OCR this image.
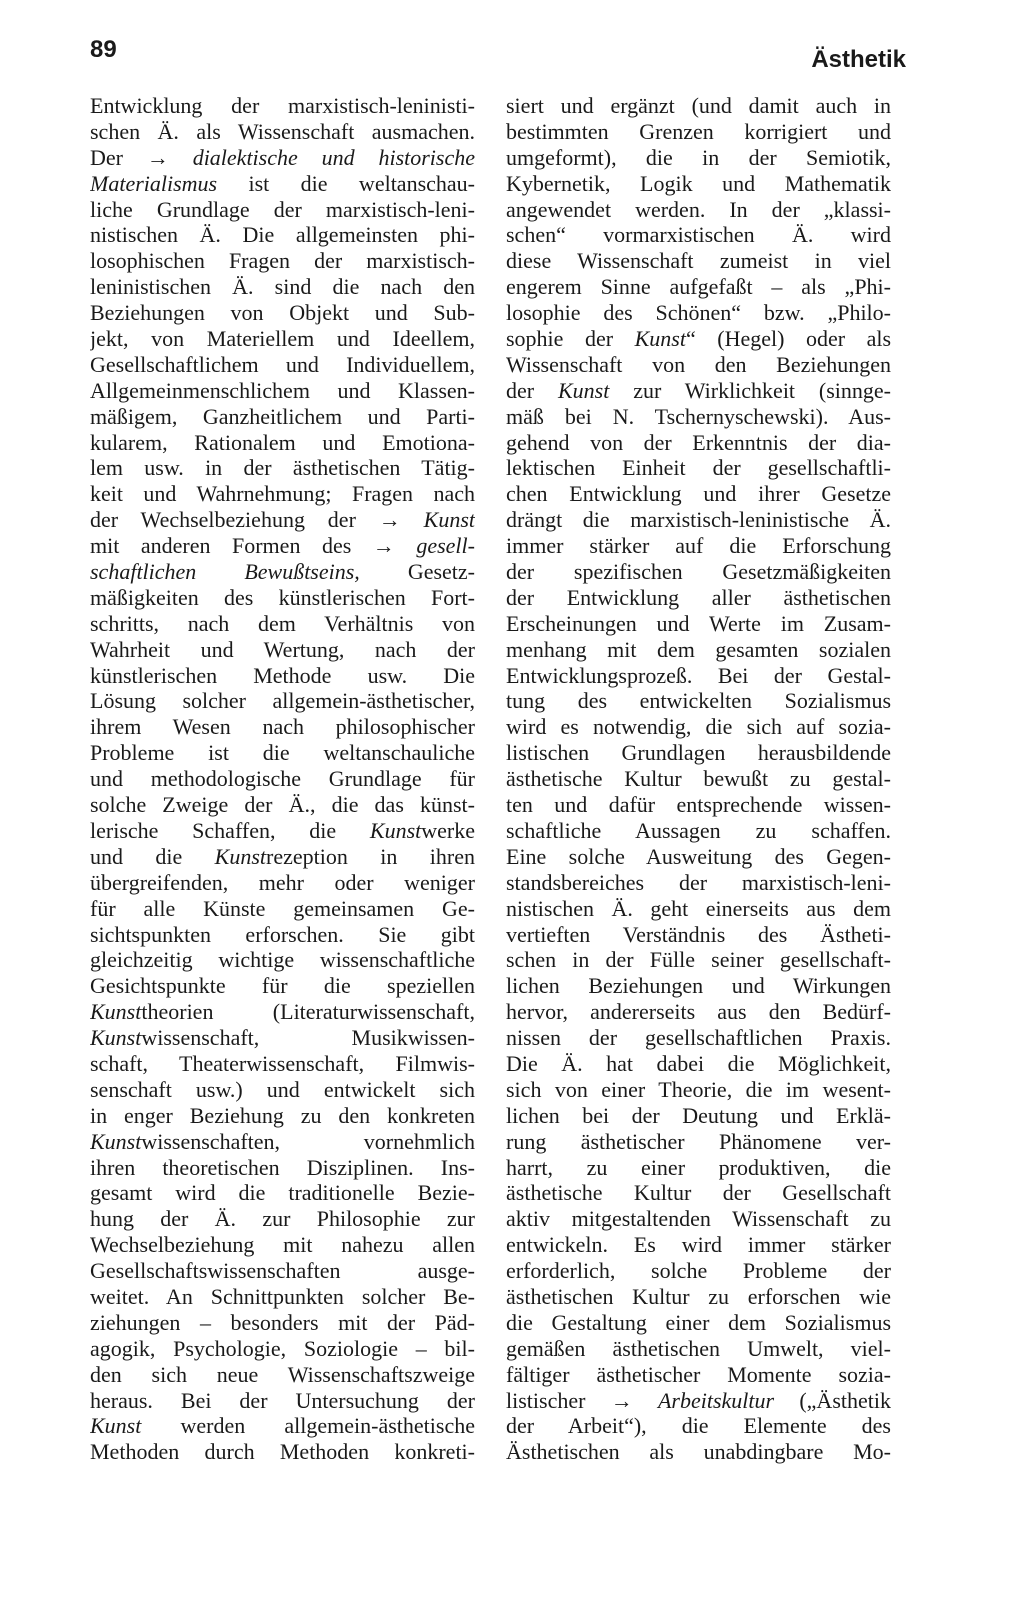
89	Ästhetik
Entwicklung der marxistisch-leninisti-
schen Ä. als Wissenschaft ausmachen.
Der → dialektische und historische
Materialismus ist die weltanschau-
liche Grundlage der marxistisch-leni-
nistischen Ä. Die allgemeinsten phi-
losophischen Fragen der marxistisch-
leninistischen Ä. sind die nach den
Beziehungen von Objekt und Sub-
jekt, von Materiellem und Ideellem,
Gesellschaftlichem und Individuellem,
Allgemeinmenschlichem und Klassen-
mäßigem, Ganzheitlichem und Parti-
kularem, Rationalem und Emotiona-
lem usw. in der ästhetischen Tätig-
keit und Wahrnehmung; Fragen nach
der Wechselbeziehung der → Kunst
mit anderen Formen des → gesell-
schaftlichen Bewußtseins, Gesetz-
mäßigkeiten des künstlerischen Fort-
schritts, nach dem Verhältnis von
Wahrheit und Wertung, nach der
künstlerischen Methode usw. Die
Lösung solcher allgemein-ästhetischer,
ihrem Wesen nach philosophischer
Probleme ist die weltanschauliche
und methodologische Grundlage für
solche Zweige der Ä., die das künst-
lerische Schaffen, die Kunstwerke
und die Kunstrezeption in ihren
übergreifenden, mehr oder weniger
für alle Künste gemeinsamen Ge-
sichtspunkten erforschen. Sie gibt
gleichzeitig wichtige wissenschaftliche
Gesichtspunkte für die speziellen
Kunsttheorien (Literaturwissenschaft,
Kunstwissenschaft, Musikwissen-
schaft, Theaterwissenschaft, Filmwis-
senschaft usw.) und entwickelt sich
in enger Beziehung zu den konkreten
Kunstwissenschaften, vornehmlich
ihren theoretischen Disziplinen. Ins-
gesamt wird die traditionelle Bezie-
hung der Ä. zur Philosophie zur
Wechselbeziehung mit nahezu allen
Gesellschaftswissenschaften ausge-
weitet. An Schnittpunkten solcher Be-
ziehungen – besonders mit der Päd-
agogik, Psychologie, Soziologie – bil-
den sich neue Wissenschaftszweige
heraus. Bei der Untersuchung der
Kunst werden allgemein-ästhetische
Methoden durch Methoden konkreti-
siert und ergänzt (und damit auch in
bestimmten Grenzen korrigiert und
umgeformt), die in der Semiotik,
Kybernetik, Logik und Mathematik
angewendet werden. In der „klassi-
schen“ vormarxistischen Ä. wird
diese Wissenschaft zumeist in viel
engerem Sinne aufgefaßt – als „Phi-
losophie des Schönen“ bzw. „Philo-
sophie der Kunst“ (Hegel) oder als
Wissenschaft von den Beziehungen
der Kunst zur Wirklichkeit (sinnge-
mäß bei N. Tschernyschewski). Aus-
gehend von der Erkenntnis der dia-
lektischen Einheit der gesellschaftli-
chen Entwicklung und ihrer Gesetze
drängt die marxistisch-leninistische Ä.
immer stärker auf die Erforschung
der spezifischen Gesetzmäßigkeiten
der Entwicklung aller ästhetischen
Erscheinungen und Werte im Zusam-
menhang mit dem gesamten sozialen
Entwicklungsprozeß. Bei der Gestal-
tung des entwickelten Sozialismus
wird es notwendig, die sich auf sozia-
listischen Grundlagen herausbildende
ästhetische Kultur bewußt zu gestal-
ten und dafür entsprechende wissen-
schaftliche Aussagen zu schaffen.
Eine solche Ausweitung des Gegen-
standsbereiches der marxistisch-leni-
nistischen Ä. geht einerseits aus dem
vertieften Verständnis des Ästheti-
schen in der Fülle seiner gesellschaft-
lichen Beziehungen und Wirkungen
hervor, andererseits aus den Bedürf-
nissen der gesellschaftlichen Praxis.
Die Ä. hat dabei die Möglichkeit,
sich von einer Theorie, die im wesent-
lichen bei der Deutung und Erklä-
rung ästhetischer Phänomene ver-
harrt, zu einer produktiven, die
ästhetische Kultur der Gesellschaft
aktiv mitgestaltenden Wissenschaft zu
entwickeln. Es wird immer stärker
erforderlich, solche Probleme der
ästhetischen Kultur zu erforschen wie
die Gestaltung einer dem Sozialismus
gemäßen ästhetischen Umwelt, viel-
fältiger ästhetischer Momente sozia-
listischer → Arbeitskultur („Ästhetik
der Arbeit“), die Elemente des
Ästhetischen als unabdingbare Mo-
